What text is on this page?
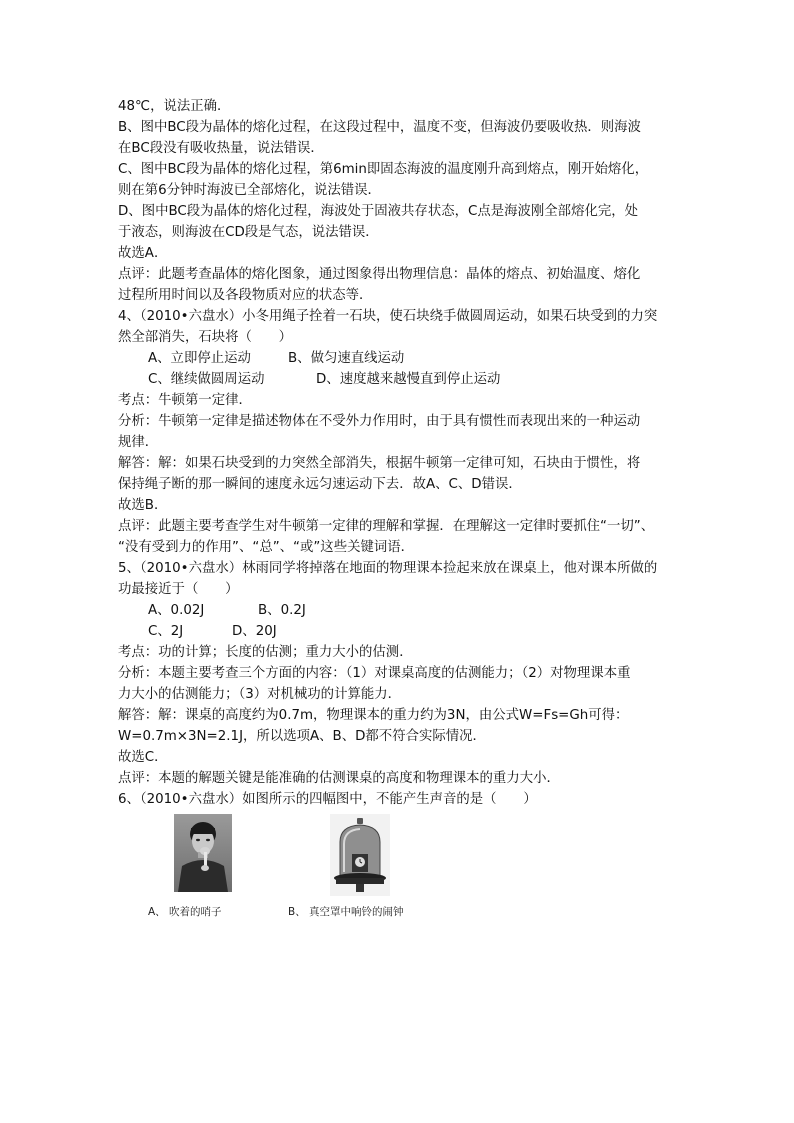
48℃，说法正确．
B、图中BC段为晶体的熔化过程，在这段过程中，温度不变，但海波仍要吸收热．则海波
在BC段没有吸收热量，说法错误．
C、图中BC段为晶体的熔化过程，第6min即固态海波的温度刚升高到熔点，刚开始熔化，
则在第6分钟时海波已全部熔化，说法错误．
D、图中BC段为晶体的熔化过程，海波处于固液共存状态，C点是海波刚全部熔化完，处
于液态，则海波在CD段是气态，说法错误．
故选A．
点评：此题考查晶体的熔化图象，通过图象得出物理信息：晶体的熔点、初始温度、熔化
过程所用时间以及各段物质对应的状态等．
4、（2010•六盘水）小冬用绳子拴着一石块，使石块绕手做圆周运动，如果石块受到的力突
然全部消失，石块将（　　）
A、立即停止运动	B、做匀速直线运动
C、继续做圆周运动	D、速度越来越慢直到停止运动
考点：牛顿第一定律．
分析：牛顿第一定律是描述物体在不受外力作用时，由于具有惯性而表现出来的一种运动
规律．
解答：解：如果石块受到的力突然全部消失，根据牛顿第一定律可知，石块由于惯性，将
保持绳子断的那一瞬间的速度永远匀速运动下去．故A、C、D错误．
故选B．
点评：此题主要考查学生对牛顿第一定律的理解和掌握．在理解这一定律时要抓住“一切”、
“没有受到力的作用”、“总”、“或”这些关键词语．
5、（2010•六盘水）林雨同学将掉落在地面的物理课本捡起来放在课桌上，他对课本所做的
功最接近于（　　）
A、0.02J	B、0.2J
C、2J	D、20J
考点：功的计算；长度的估测；重力大小的估测．
分析：本题主要考查三个方面的内容：（1）对课桌高度的估测能力；（2）对物理课本重
力大小的估测能力；（3）对机械功的计算能力．
解答：解：课桌的高度约为0.7m，物理课本的重力约为3N，由公式W=Fs=Gh可得：
W=0.7m×3N=2.1J，所以选项A、B、D都不符合实际情况．
故选C．
点评：本题的解题关键是能准确的估测课桌的高度和物理课本的重力大小．
6、（2010•六盘水）如图所示的四幅图中，不能产生声音的是（　　）
A、 吹着的哨子	B、 真空罩中响铃的闹钟
